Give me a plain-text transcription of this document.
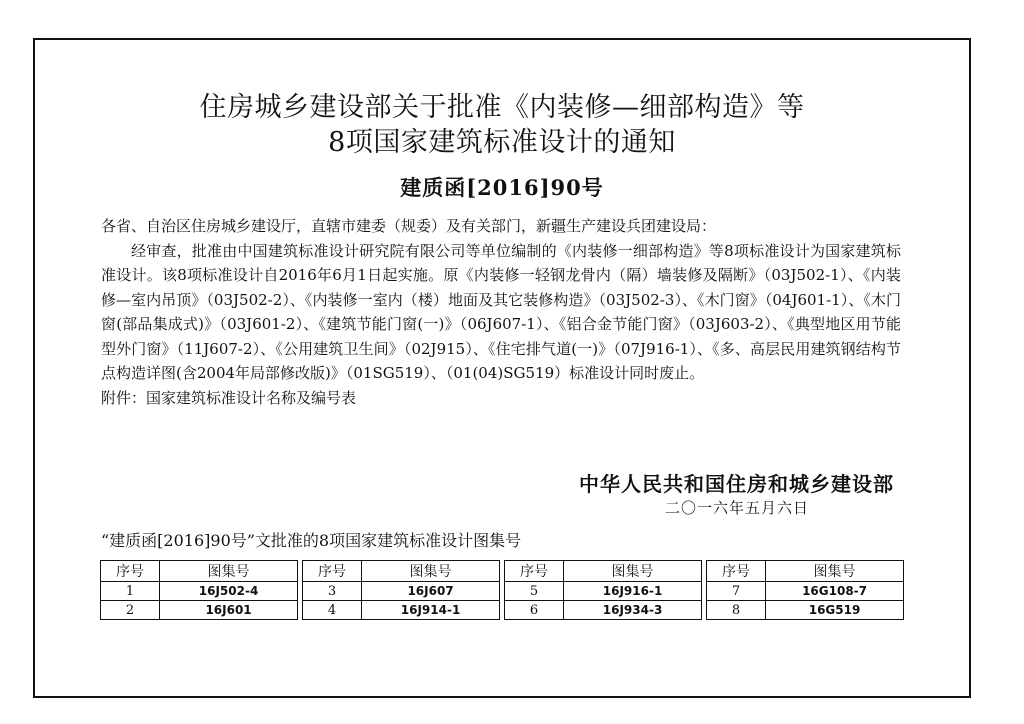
住房城乡建设部关于批准《内装修—细部构造》等
8项国家建筑标准设计的通知
建质函[2016]90号

各省、自治区住房城乡建设厅，直辖市建委（规委）及有关部门，新疆生产建设兵团建设局：

经审查，批准由中国建筑标准设计研究院有限公司等单位编制的《内装修一细部构造》等8项标准设计为国家建筑标准设计。该8项标准设计自2016年6月1日起实施。原《内装修一轻钢龙骨内（隔）墙装修及隔断》（03J502-1）、《内装修—室内吊顶》（03J502-2）、《内装修一室内（楼）地面及其它装修构造》（03J502-3）、《木门窗》（04J601-1）、《木门窗(部品集成式)》（03J601-2）、《建筑节能门窗(一)》（06J607-1）、《铝合金节能门窗》（03J603-2）、《典型地区用节能型外门窗》（11J607-2）、《公用建筑卫生间》（02J915）、《住宅排气道(一)》（07J916-1）、《多、高层民用建筑钢结构节点构造详图(含2004年局部修改版)》（01SG519）、（01(04)SG519）标准设计同时废止。

附件：国家建筑标准设计名称及编号表

中华人民共和国住房和城乡建设部
二〇一六年五月六日
“建质函[2016]90号”文批准的8项国家建筑标准设计图集号
序号	图集号
1	16J502-4
2	16J601
序号	图集号
3	16J607
4	16J914-1
序号	图集号
5	16J916-1
6	16J934-3
序号	图集号
7	16G108-7
8	16G519
